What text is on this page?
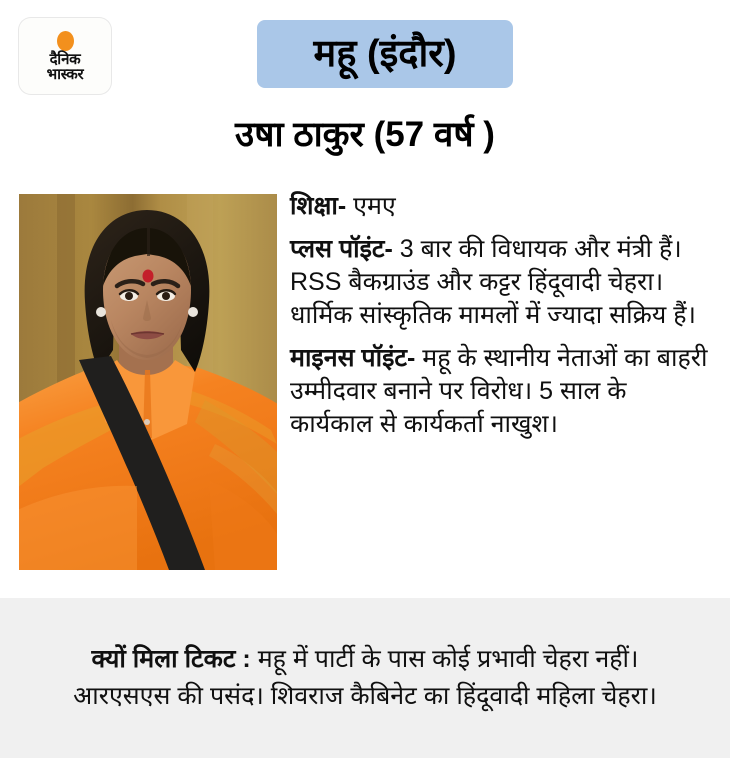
दैनिक
भास्कर	महू (इंदौर)
उषा ठाकुर (57 वर्ष )

शिक्षा- एमए

प्लस पॉइंट- 3 बार की विधायक और मंत्री हैं। RSS बैकग्राउंड और कट्टर हिंदूवादी चेहरा। धार्मिक सांस्कृतिक मामलों में ज्यादा सक्रिय हैं।

माइनस पॉइंट- महू के स्थानीय नेताओं का बाहरी उम्मीदवार बनाने पर विरोध। 5 साल के कार्यकाल से कार्यकर्ता नाखुश।

क्यों मिला टिकट : महू में पार्टी के पास कोई प्रभावी चेहरा नहीं। आरएसएस की पसंद। शिवराज कैबिनेट का हिंदूवादी महिला चेहरा।
